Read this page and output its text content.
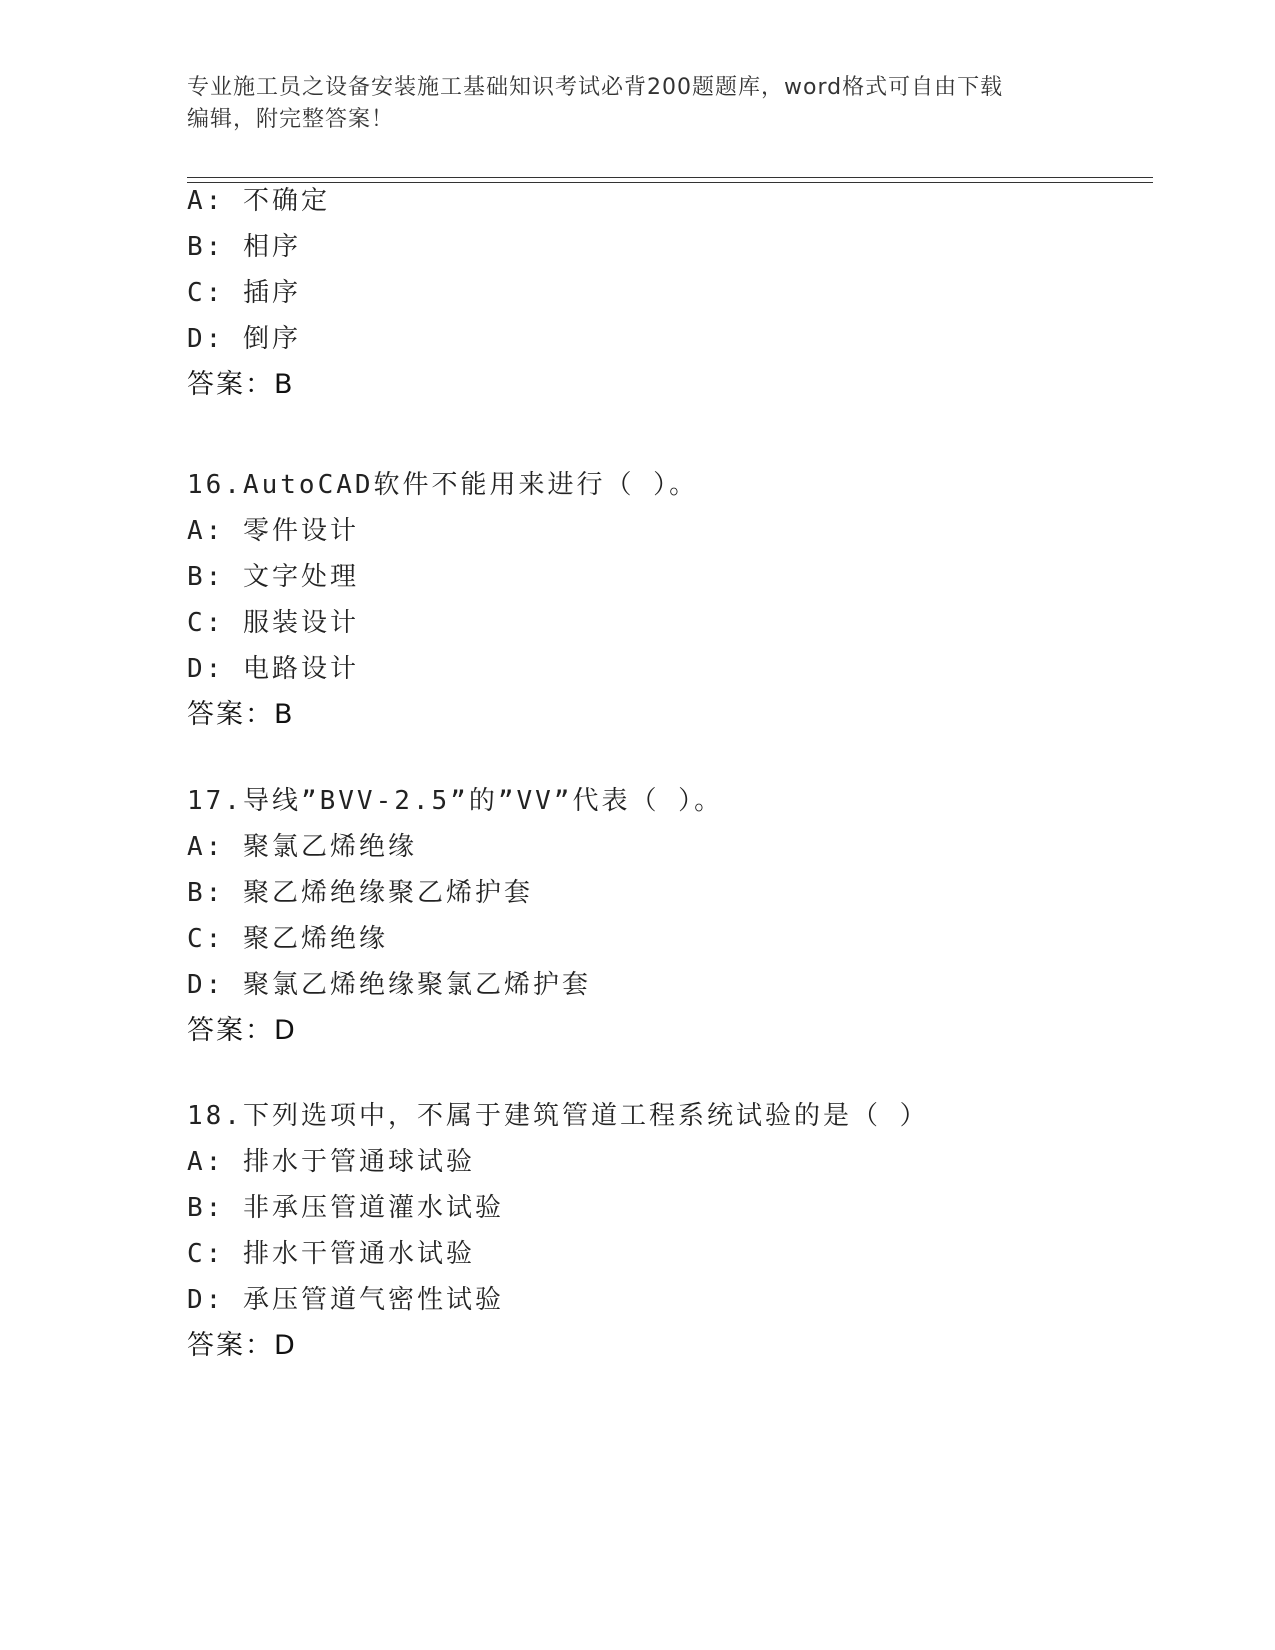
专业施工员之设备安装施工基础知识考试必背200题题库，word格式可自由下载
编辑，附完整答案！
A: 不确定
B: 相序
C: 插序
D: 倒序
答案：B
16.AutoCAD软件不能用来进行（ ）。
A: 零件设计
B: 文字处理
C: 服装设计
D: 电路设计
答案：B
17.导线”BVV-2.5”的”VV”代表（ ）。
A: 聚氯乙烯绝缘
B: 聚乙烯绝缘聚乙烯护套
C: 聚乙烯绝缘
D: 聚氯乙烯绝缘聚氯乙烯护套
答案：D
18.下列选项中，不属于建筑管道工程系统试验的是（ ）
A: 排水于管通球试验
B: 非承压管道灌水试验
C: 排水干管通水试验
D: 承压管道气密性试验
答案：D
